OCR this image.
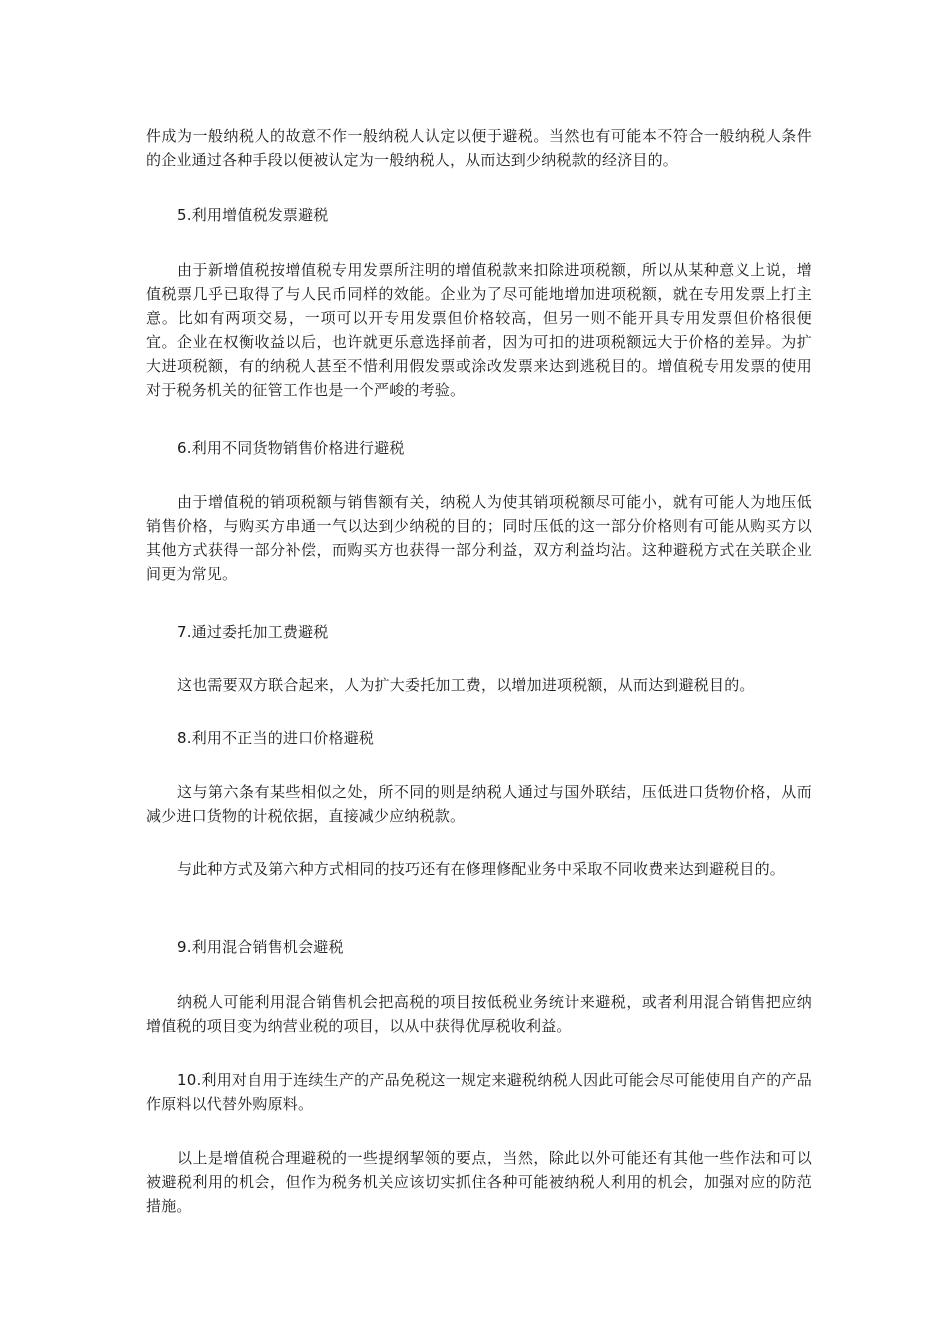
件成为一般纳税人的故意不作一般纳税人认定以便于避税。当然也有可能本不符合一般纳税人条件的企业通过各种手段以便被认定为一般纳税人，从而达到少纳税款的经济目的。

5.利用增值税发票避税

由于新增值税按增值税专用发票所注明的增值税款来扣除进项税额，所以从某种意义上说，增值税票几乎已取得了与人民币同样的效能。企业为了尽可能地增加进项税额，就在专用发票上打主意。比如有两项交易，一项可以开专用发票但价格较高，但另一则不能开具专用发票但价格很便宜。企业在权衡收益以后，也许就更乐意选择前者，因为可扣的进项税额远大于价格的差异。为扩大进项税额，有的纳税人甚至不惜利用假发票或涂改发票来达到逃税目的。增值税专用发票的使用对于税务机关的征管工作也是一个严峻的考验。

6.利用不同货物销售价格进行避税

由于增值税的销项税额与销售额有关，纳税人为使其销项税额尽可能小，就有可能人为地压低销售价格，与购买方串通一气以达到少纳税的目的；同时压低的这一部分价格则有可能从购买方以其他方式获得一部分补偿，而购买方也获得一部分利益，双方利益均沾。这种避税方式在关联企业间更为常见。

7.通过委托加工费避税

这也需要双方联合起来，人为扩大委托加工费，以增加进项税额，从而达到避税目的。

8.利用不正当的进口价格避税

这与第六条有某些相似之处，所不同的则是纳税人通过与国外联结，压低进口货物价格，从而减少进口货物的计税依据，直接减少应纳税款。

与此种方式及第六种方式相同的技巧还有在修理修配业务中采取不同收费来达到避税目的。

9.利用混合销售机会避税

纳税人可能利用混合销售机会把高税的项目按低税业务统计来避税，或者利用混合销售把应纳增值税的项目变为纳营业税的项目，以从中获得优厚税收利益。

10.利用对自用于连续生产的产品免税这一规定来避税纳税人因此可能会尽可能使用自产的产品作原料以代替外购原料。

以上是增值税合理避税的一些提纲挈领的要点，当然，除此以外可能还有其他一些作法和可以被避税利用的机会，但作为税务机关应该切实抓住各种可能被纳税人利用的机会，加强对应的防范措施。
